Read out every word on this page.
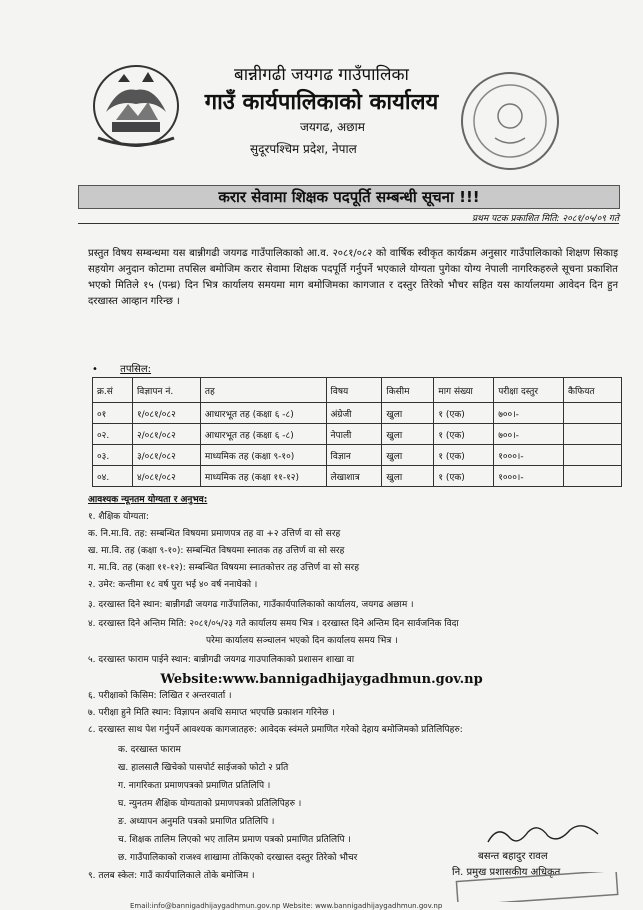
बान्नीगढी जयगढ गाउँपालिका
गाउँ कार्यपालिकाको कार्यालय
जयगढ, अछाम
सुदूरपश्चिम प्रदेश, नेपाल
करार सेवामा शिक्षक पदपूर्ति सम्बन्धी सूचना !!!
प्रथम पटक प्रकाशित मिति: २०८१/०५/०९ गते
प्रस्तुत विषय सम्बन्धमा यस बान्नीगढी जयगढ गाउँपालिकाको आ.व. २०८१/०८२ को वार्षिक स्वीकृत कार्यक्रम अनुसार गाउँपालिकाको शिक्षण सिकाइ सहयोग अनुदान कोटामा तपसिल बमोजिम करार सेवामा शिक्षक पदपूर्ति गर्नुपर्ने भएकाले योग्यता पुगेका योग्य नेपाली नागरिकहरुले सूचना प्रकाशित भएको मितिले १५ (पन्ध्र) दिन भित्र कार्यालय समयमा माग बमोजिमका कागजात र दस्तुर तिरेको भौचर सहित यस कार्यालयमा आवेदन दिन हुन दरखास्त आव्हान गरिन्छ ।
•       तपसिल:
क्र.सं	विज्ञापन नं.	तह	विषय	किसीम	माग संख्या	परीक्षा दस्तुर	कैफियत
०१	१/०८१/०८२	आधारभूत तह (कक्षा ६ -८)	अंग्रेजी	खुला	१ (एक)	७००।-	
०२.	२/०८१/०८२	आधारभूत तह (कक्षा ६ -८)	नेपाली	खुला	१ (एक)	७००।-	
०३.	३/०८१/०८२	माध्यमिक तह (कक्षा ९-१०)	विज्ञान	खुला	१ (एक)	१०००।-	
०४.	४/०८१/०८२	माध्यमिक तह (कक्षा ११-१२)	लेखाशात्र	खुला	१ (एक)	१०००।-	
आवश्यक न्यूनतम योग्यता र अनुभव:
१. शैक्षिक योग्यता:
क. नि.मा.वि. तह: सम्बन्धित विषयमा प्रमाणपत्र तह वा +२ उत्तिर्ण वा सो सरह
ख. मा.वि. तह (कक्षा ९-१०): सम्बन्धित विषयमा स्नातक तह उत्तिर्ण वा सो सरह
ग. मा.वि. तह (कक्षा ११-१२): सम्बन्धित विषयमा स्नातकोत्तर तह उत्तिर्ण वा सो सरह
२. उमेर: कन्तीमा १८ वर्ष पुरा भई ४० वर्ष ननाघेको ।
३. दरखास्त दिने स्थान: बान्नीगढी जयगढ गाउँपालिका, गाउँकार्यपालिकाको कार्यालय, जयगढ अछाम ।
४. दरखास्त दिने अन्तिम मिति: २०८१/०५/२३ गते कार्यालय समय भित्र । दरखास्त दिने अन्तिम दिन सार्वजनिक विदा
परेमा कार्यालय सञ्चालन भएको दिन कार्यालय समय भित्र ।
५. दरखास्त फाराम पाईने स्थान: बान्नीगढी जयगढ गाउपालिकाको प्रशासन शाखा वा
६. परीक्षाको किसिम: लिखित र अन्तरवार्ता ।
७. परीक्षा हुने मिति स्थान: विज्ञापन अवधि समाप्त भएपछि प्रकाशन गरिनेछ ।
८. दरखास्त साथ पेश गर्नुपर्ने आवश्यक कागजातहरु: आवेदक स्वंमले प्रमाणित गरेको देहाय बमोजिमको प्रतिलिपिहरु:
क. दरखास्त फाराम
ख. हालसालै खिचेको पासपोर्ट साईजको फोटो २ प्रति
ग. नागरिकता प्रमाणपत्रको प्रमाणित प्रतिलिपि ।
घ. न्युनतम शैक्षिक योग्यताको प्रमाणपत्रको प्रतिलिपिहरु ।
ङ. अध्यापन अनुमति पत्रको प्रमाणित प्रतिलिपि ।
च. शिक्षक तालिम लिएको भए तालिम प्रमाण पत्रको प्रमाणित प्रतिलिपि ।
छ. गाउँपालिकाको राजश्व शाखामा तोकिएको दरखास्त दस्तुर तिरेको भौचर
९. तलब स्केल: गाउँ कार्यपालिकाले तोके बमोजिम ।
Website:www.bannigadhijaygadhmun.gov.np
बसन्त बहादुर रावल
नि. प्रमुख प्रशासकीय अधिकृत
Email:info@bannigadhijaygadhmun.gov.np Website: www.bannigadhijaygadhmun.gov.np
